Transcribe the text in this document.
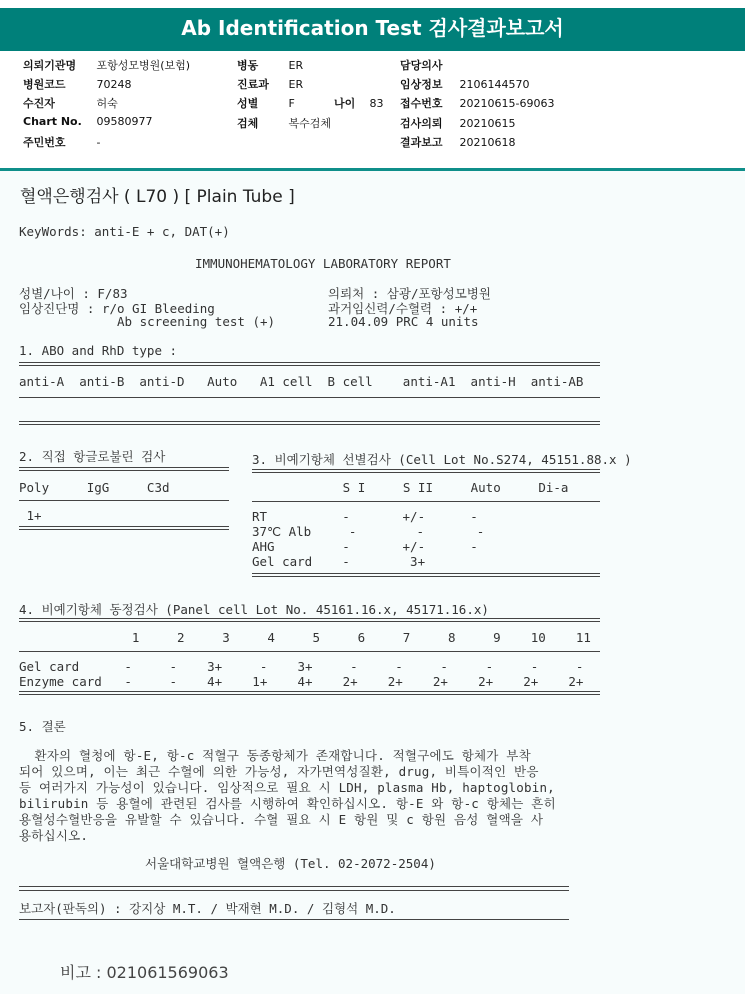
Ab Identification Test 검사결과보고서
의뢰기관명 포항성모병원(보험)
병원코드	70248
수진자	허숙
Chart No. 09580977
주민번호	-
병동	ER
진료과 ER
성별	F	나이 83
검체	복수검체
담당의사
임상정보 2106144570
접수번호 20210615-69063
검사의뢰 20210615
결과보고 20210618
혈액은행검사 ( L70 ) [ Plain Tube ]
KeyWords: anti-E + c, DAT(+)
IMMUNOHEMATOLOGY LABORATORY REPORT
성별/나이 : F/83
임상진단명 : r/o GI Bleeding
Ab screening test (+)
의뢰처 : 삼광/포항성모병원
과거임신력/수혈력 : +/+
21.04.09 PRC 4 units
1. ABO and RhD type :
anti-A  anti-B  anti-D   Auto   A1 cell  B cell    anti-A1  anti-H  anti-AB
2. 직접 항글로불린 검사
Poly     IgG     C3d
1+
3. 비예기항체 선별검사 (Cell Lot No.S274, 45151.88.x )
S I     S II     Auto     Di-a
RT          -       +/-      -
37℃ Alb     -        -       -
AHG         -       +/-      -
Gel card    -        3+
4. 비예기항체 동정검사 (Panel cell Lot No. 45161.16.x, 45171.16.x)
1     2     3     4     5     6     7     8     9    10    11
Gel card      -     -    3+     -    3+     -     -     -     -     -     -
Enzyme card   -     -    4+    1+    4+    2+    2+    2+    2+    2+    2+
5. 결론
환자의 혈청에 항-E, 항-c 적혈구 동종항체가 존재합니다. 적혈구에도 항체가 부착
되어 있으며, 이는 최근 수혈에 의한 가능성, 자가면역성질환, drug, 비특이적인 반응
등 여러가지 가능성이 있습니다. 임상적으로 필요 시 LDH, plasma Hb, haptoglobin,
bilirubin 등 용혈에 관련된 검사를 시행하여 확인하십시오. 항-E 와 항-c 항체는 흔히
용혈성수혈반응을 유발할 수 있습니다. 수혈 필요 시 E 항원 및 c 항원 음성 혈액을 사
용하십시오.
서울대학교병원 혈액은행 (Tel. 02-2072-2504)
보고자(판독의) : 강지상 M.T. / 박재현 M.D. / 김형석 M.D.
비고 : 021061569063
